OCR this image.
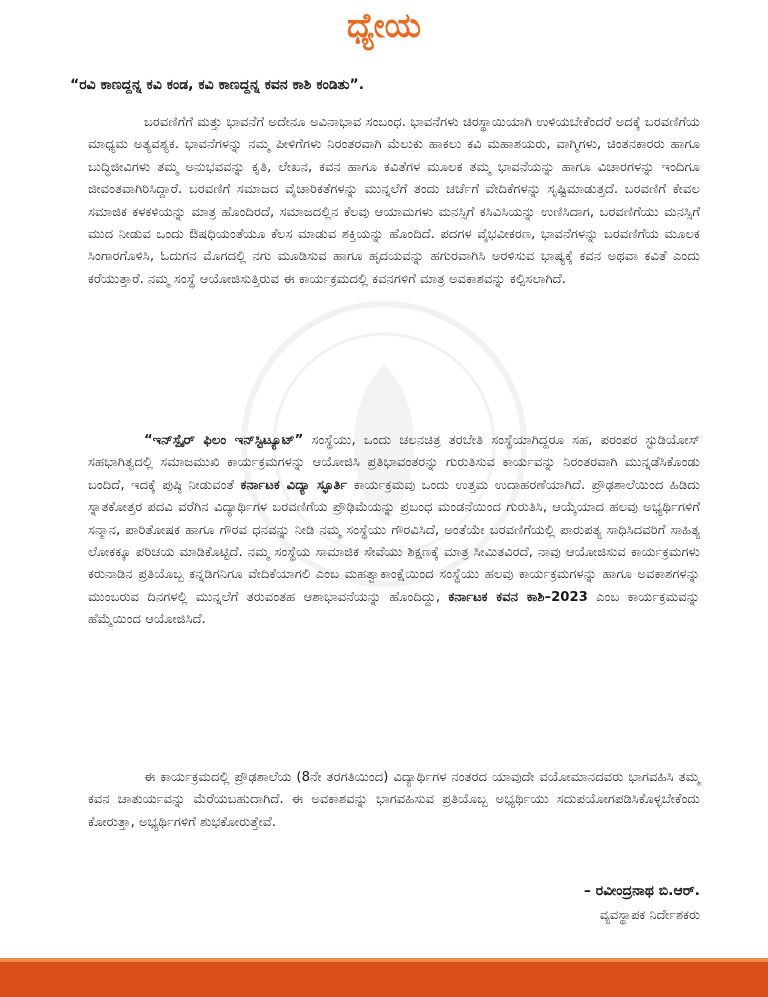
ಧ್ಯೇಯ
“ರವಿ ಕಾಣದ್ದನ್ನ ಕವಿ ಕಂಡ, ಕವಿ ಕಾಣದ್ದನ್ನ ಕವನ ಕಾಶಿ ಕಂಡಿತು”.

ಬರವಣಿಗೆಗೆ ಮತ್ತು ಭಾವನೆಗೆ ಅದೇನೂ ಅವಿನಾಭಾವ ಸಂಬಂಧ. ಭಾವನೆಗಳು ಚಿರಸ್ಥಾಯಿಯಾಗಿ ಉಳಿಯಬೇಕೆಂದರೆ ಅದಕ್ಕೆ ಬರವಣಿಗೆಯ ಮಾಧ್ಯಮ ಅತ್ಯವಶ್ಯಕ. ಭಾವನೆಗಳನ್ನು ನಮ್ಮ ಪೀಳಿಗೆಗಳು ನಿರಂತರವಾಗಿ ಮೆಲುಕು ಹಾಕಲು ಕವಿ ಮಹಾಶಯರು, ವಾಗ್ಮಿಗಳು, ಚಿಂತನಕಾರರು ಹಾಗೂ ಬುದ್ಧಿಜೀವಿಗಳು ತಮ್ಮ ಅನುಭವವನ್ನು ಕೃತಿ, ಲೇಖನ, ಕವನ ಹಾಗೂ ಕವಿತೆಗಳ ಮೂಲಕ ತಮ್ಮ ಭಾವನೆಯನ್ನು ಹಾಗೂ ವಿಚಾರಗಳನ್ನು ಇಂದಿಗೂ ಜೀವಂತವಾಗಿರಿಸಿದ್ದಾರೆ. ಬರವಣಿಗೆ ಸಮಾಜದ ವೈಚಾರಿಕತೆಗಳನ್ನು ಮುನ್ನಲೆಗೆ ತಂದು ಚರ್ಚೆಗೆ ವೇದಿಕೆಗಳನ್ನು ಸೃಷ್ಟಿಮಾಡುತ್ತದೆ. ಬರವಣಿಗೆ ಕೇವಲ ಸಮಾಜಿಕ ಕಳಕಳಿಯನ್ನು ಮಾತ್ರ ಹೊಂದಿರದೆ, ಸಮಾಜದಲ್ಲಿನ ಕೆಲವು ಆಯಾಮಗಳು ಮನಸ್ಸಿಗೆ ಕಸಿವಿಸಿಯನ್ನು ಉಣಿಸಿದಾಗ, ಬರವಣಿಗೆಯು ಮನಸ್ಸಿಗೆ ಮುದ ನೀಡುವ ಒಂದು ಔಷಧಿಯಂತೆಯೂ ಕೆಲಸ ಮಾಡುವ ಶಕ್ತಿಯನ್ನು ಹೊಂದಿದೆ. ಪದಗಳ ವೈಭವೀಕರಣ, ಭಾವನೆಗಳನ್ನು ಬರವಣಿಗೆಯ ಮೂಲಕ ಸಿಂಗಾರಗೊಳಿಸಿ, ಓದುಗನ ಮೊಗದಲ್ಲಿ ನಗು ಮೂಡಿಸುವ ಹಾಗೂ ಹೃದಯವನ್ನು ಹಗುರವಾಗಿಸಿ ಅರಳಿಸುವ ಭಾಷ್ಯಕ್ಕೆ ಕವನ ಅಥವಾ ಕವಿತೆ ಎಂದು ಕರೆಯುತ್ತಾರೆ. ನಮ್ಮ ಸಂಸ್ಥೆ ಆಯೋಜಿಸುತ್ತಿರುವ ಈ ಕಾರ್ಯಕ್ರಮದಲ್ಲಿ ಕವನಗಳಿಗೆ ಮಾತ್ರ ಅವಕಾಶವನ್ನು ಕಲ್ಪಿಸಲಾಗಿದೆ.

“ಇನ್‌ಸ್ಪೈರ್ ಫಿಲಂ ಇನ್‌ಸ್ಟಿಟ್ಯೂಟ್” ಸಂಸ್ಥೆಯು, ಒಂದು ಚಲನಚಿತ್ರ ತರಬೇತಿ ಸಂಸ್ಥೆಯಾಗಿದ್ದರೂ ಸಹ, ಪರಂಪರ ಸ್ಟುಡಿಯೋಸ್ ಸಹಭಾಗಿತ್ವದಲ್ಲಿ ಸಮಾಜಮುಖಿ ಕಾರ್ಯಕ್ರಮಗಳನ್ನು ಆಯೋಜಿಸಿ ಪ್ರತಿಭಾವಂತರನ್ನು ಗುರುತಿಸುವ ಕಾರ್ಯವನ್ನು ನಿರಂತರವಾಗಿ ಮುನ್ನಡೆಸಿಕೊಂಡು ಬಂದಿದೆ, ಇದಕ್ಕೆ ಪುಷ್ಠಿ ನೀಡುವಂತೆ ಕರ್ನಾಟಕ ವಿದ್ಯಾ ಸ್ಫೂರ್ತಿ ಕಾರ್ಯಕ್ರಮವು ಒಂದು ಉತ್ತಮ ಉದಾಹರಣೆಯಾಗಿದೆ. ಪ್ರೌಢಶಾಲೆಯಿಂದ ಹಿಡಿದು ಸ್ನಾತಕೋತ್ತರ ಪದವಿ ವರೆಗಿನ ವಿದ್ಯಾರ್ಥಿಗಳ ಬರವಣಿಗೆಯ ಪ್ರೌಢಿಮೆಯನ್ನು ಪ್ರಬಂಧ ಮಂಡನೆಯಿಂದ ಗುರುತಿಸಿ, ಆಯ್ಕೆಯಾದ ಹಲವು ಅಭ್ಯರ್ಥಿಗಳಿಗೆ ಸನ್ಮಾನ, ಪಾರಿತೋಷಕ ಹಾಗೂ ಗೌರವ ಧನವನ್ನು ನೀಡಿ ನಮ್ಮ ಸಂಸ್ಥೆಯು ಗೌರವಿಸಿದೆ, ಅಂತೆಯೇ ಬರವಣಿಗೆಯಲ್ಲಿ ಪಾರುಪತ್ಯ ಸಾಧಿಸಿದವರಿಗೆ ಸಾಹಿತ್ಯ ಲೋಕಕ್ಕೂ ಪರಿಚಯ ಮಾಡಿಕೊಟ್ಟಿದೆ. ನಮ್ಮ ಸಂಸ್ಥೆಯ ಸಾಮಾಜಿಕ ಸೇವೆಯು ಶಿಕ್ಷಣಕ್ಕೆ ಮಾತ್ರ ಸೀಮಿತವಿರದೆ, ನಾವು ಆಯೋಜಿಸುವ ಕಾರ್ಯಕ್ರಮಗಳು ಕರುನಾಡಿನ ಪ್ರತಿಯೊಬ್ಬ ಕನ್ನಡಿಗನಿಗೂ ವೇದಿಕೆಯಾಗಲಿ ಎಂಬ ಮಹತ್ವಾಕಾಂಕ್ಷೆಯಿಂದ ಸಂಸ್ಥೆಯು ಹಲವು ಕಾರ್ಯಕ್ರಮಗಳನ್ನು ಹಾಗೂ ಅವಕಾಶಗಳನ್ನು ಮುಂಬರುವ ದಿನಗಳಲ್ಲಿ ಮುನ್ನಲೆಗೆ ತರುವಂತಹ ಆಶಾಭಾವನೆಯನ್ನು ಹೊಂದಿದ್ದು, ಕರ್ನಾಟಕ ಕವನ ಕಾಶಿ–2023 ಎಂಬ ಕಾರ್ಯಕ್ರಮವನ್ನು ಹೆಮ್ಮೆಯಿಂದ ಆಯೋಜಿಸಿದೆ.

ಈ ಕಾರ್ಯಕ್ರಮದಲ್ಲಿ ಪ್ರೌಢಶಾಲೆಯ (8ನೇ ತರಗತಿಯಿಂದ) ವಿದ್ಯಾರ್ಥಿಗಳ ನಂತರದ ಯಾವುದೇ ವಯೋಮಾನದವರು ಭಾಗವಹಿಸಿ ತಮ್ಮ ಕವನ ಚಾತುರ್ಯವನ್ನು ಮೆರೆಯಬಹುದಾಗಿದೆ. ಈ ಅವಕಾಶವನ್ನು ಭಾಗವಹಿಸುವ ಪ್ರತಿಯೊಬ್ಬ ಅಭ್ಯರ್ಥಿಯು ಸದುಪಯೋಗಪಡಿಸಿಕೊಳ್ಳಬೇಕೆಂದು ಕೋರುತ್ತಾ, ಅಭ್ಯರ್ಥಿಗಳಿಗೆ ಶುಭಕೋರುತ್ತೇವೆ.

– ರವೀಂದ್ರನಾಥ ಬಿ.ಆರ್.
ವ್ಯವಸ್ಥಾಪಕ ನಿರ್ದೇಶಕರು
